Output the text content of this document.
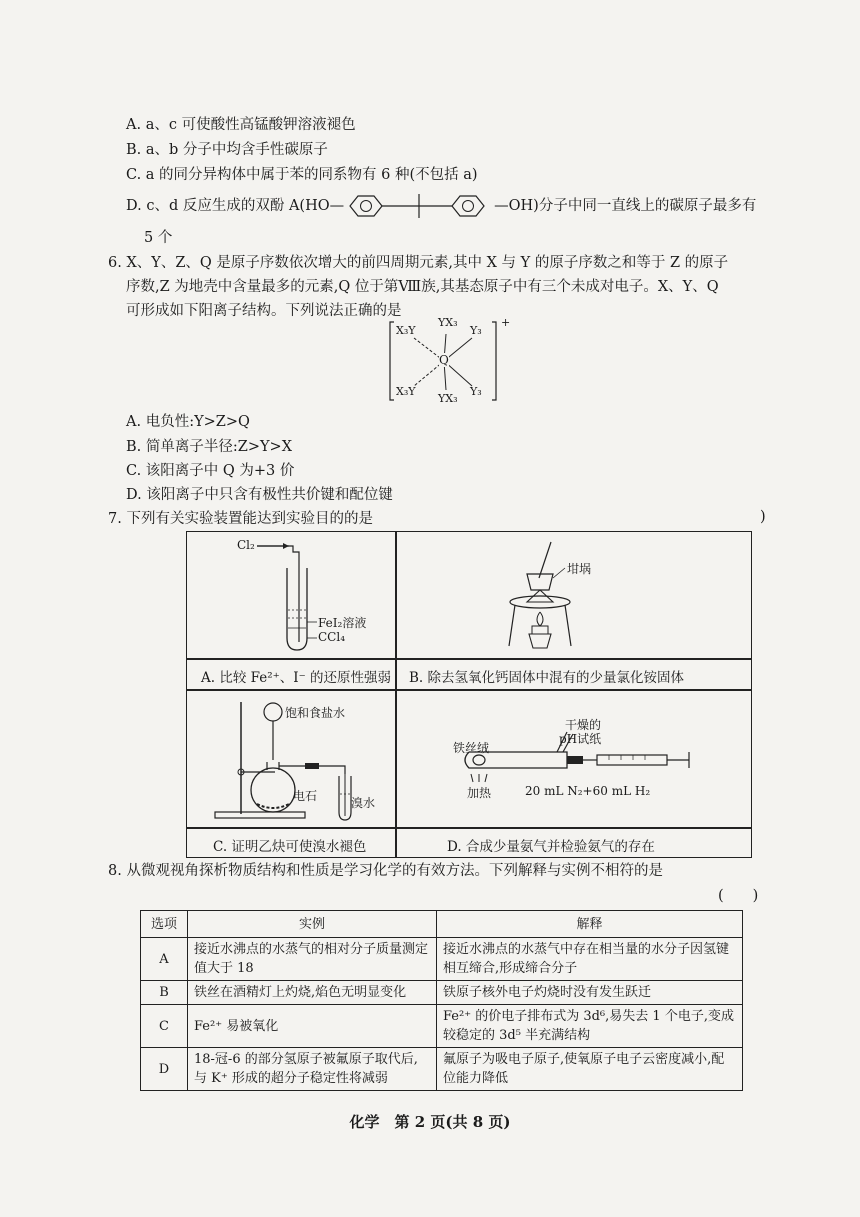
A. a、c 可使酸性高锰酸钾溶液褪色
B. a、b 分子中均含手性碳原子
C. a 的同分异构体中属于苯的同系物有 6 种(不包括 a)
D. c、d 反应生成的双酚 A(HO—	—OH)分子中同一直线上的碳原子最多有
5 个
6. X、Y、Z、Q 是原子序数依次增大的前四周期元素,其中 X 与 Y 的原子序数之和等于 Z 的原子
序数,Z 为地壳中含量最多的元素,Q 位于第Ⅷ族,其基态原子中有三个未成对电子。X、Y、Q
可形成如下阳离子结构。下列说法正确的是
X₃Y
YX₃
Y₃
Q
X₃Y
YX₃
Y₃
+
A. 电负性:Y>Z>Q
B. 简单离子半径:Z>Y>X
C. 该阳离子中 Q 为+3 价
D. 该阳离子中只含有极性共价键和配位键
7. 下列有关实验装置能达到实验目的的是	)
Cl₂
FeI₂溶液
CCl₄
A. 比较 Fe²⁺、I⁻ 的还原性强弱
坩埚
B. 除去氢氧化钙固体中混有的少量氯化铵固体
饱和食盐水
电石	溴水
C. 证明乙炔可使溴水褪色
干燥的
pH试纸
铁丝绒
加热	20 mL N₂+60 mL H₂
D. 合成少量氨气并检验氨气的存在
8. 从微观视角探析物质结构和性质是学习化学的有效方法。下列解释与实例不相符的是
(　　)
选项	实例	解释
A	接近水沸点的水蒸气的相对分子质量测定值大于 18	接近水沸点的水蒸气中存在相当量的水分子因氢键相互缔合,形成缔合分子
B	铁丝在酒精灯上灼烧,焰色无明显变化	铁原子核外电子灼烧时没有发生跃迁
C	Fe²⁺ 易被氧化	Fe²⁺ 的价电子排布式为 3d⁶,易失去 1 个电子,变成较稳定的 3d⁵ 半充满结构
D	18-冠-6 的部分氢原子被氟原子取代后,与 K⁺ 形成的超分子稳定性将减弱	氟原子为吸电子原子,使氧原子电子云密度减小,配位能力降低
化学　第 2 页(共 8 页)
